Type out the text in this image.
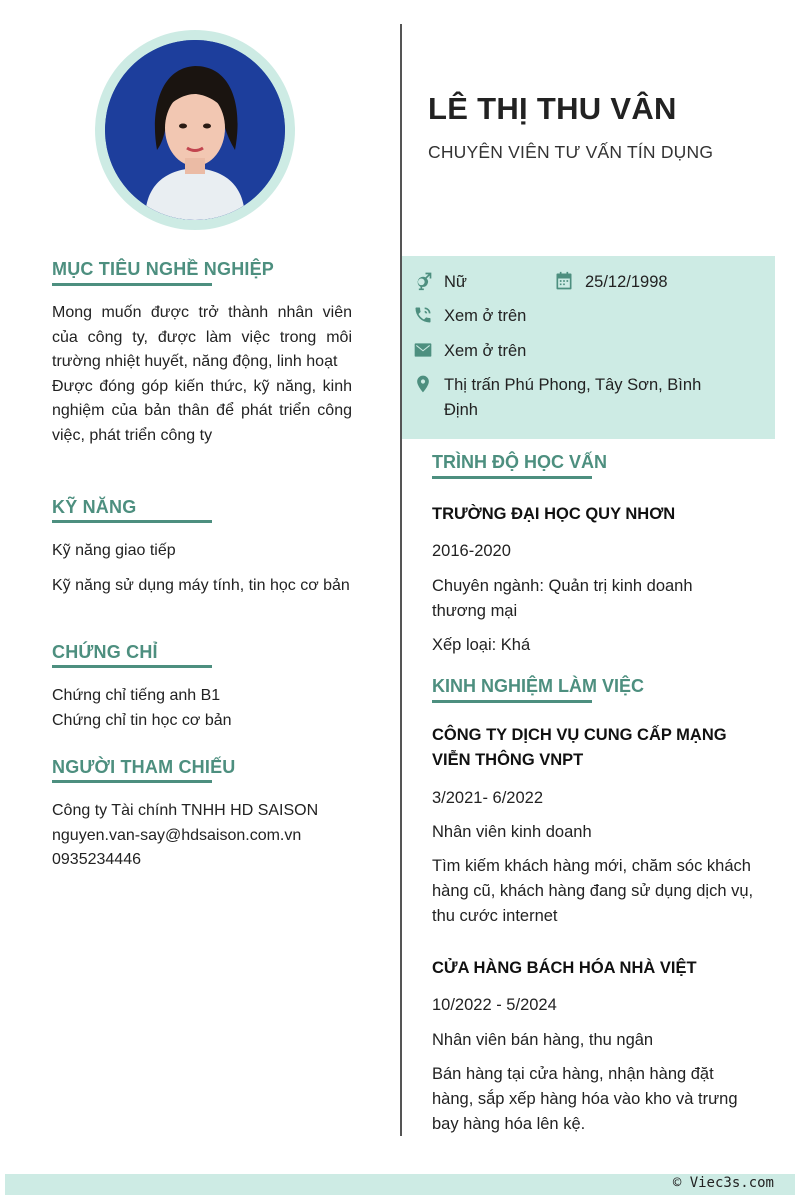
MỤC TIÊU NGHỀ NGHIỆP
Mong muốn được trở thành nhân viên của công ty, được làm việc trong môi trường nhiệt huyết, năng động, linh hoạt
Được đóng góp kiến thức, kỹ năng, kinh nghiệm của bản thân để phát triển công việc, phát triển công ty
KỸ NĂNG
Kỹ năng giao tiếp
Kỹ năng sử dụng máy tính, tin học cơ bản
CHỨNG CHỈ
Chứng chỉ tiếng anh B1
Chứng chỉ tin học cơ bản
NGƯỜI THAM CHIẾU
Công ty Tài chính TNHH HD SAISON
nguyen.van-say@hdsaison.com.vn
0935234446
LÊ THỊ THU VÂN
CHUYÊN VIÊN TƯ VẤN TÍN DỤNG
Nữ	25/12/1998
Xem ở trên
Xem ở trên
Thị trấn Phú Phong, Tây Sơn, Bình Định
TRÌNH ĐỘ HỌC VẤN
TRƯỜNG ĐẠI HỌC QUY NHƠN
2016-2020
Chuyên ngành: Quản trị kinh doanh thương mại
Xếp loại: Khá
KINH NGHIỆM LÀM VIỆC
CÔNG TY DỊCH VỤ CUNG CẤP MẠNG VIỄN THÔNG VNPT
3/2021- 6/2022
Nhân viên kinh doanh
Tìm kiếm khách hàng mới, chăm sóc khách hàng cũ, khách hàng đang sử dụng dịch vụ, thu cước internet
CỬA HÀNG BÁCH HÓA NHÀ VIỆT
10/2022 - 5/2024
Nhân viên bán hàng, thu ngân
Bán hàng tại cửa hàng, nhận hàng đặt hàng, sắp xếp hàng hóa vào kho và trưng bay hàng hóa lên kệ.
© Viec3s.com
